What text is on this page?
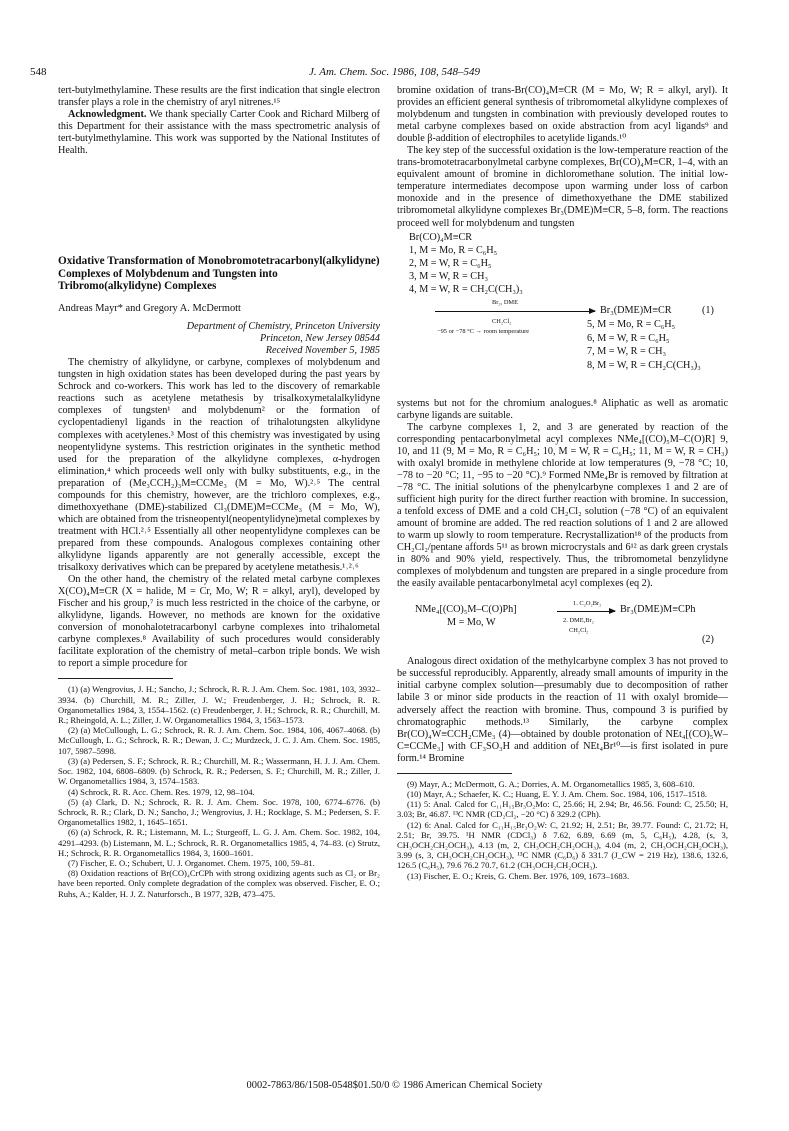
548	J. Am. Chem. Soc. 1986, 108, 548–549

tert-butylmethylamine. These results are the first indication that single electron transfer plays a role in the chemistry of aryl nitrenes.¹⁵

Acknowledgment. We thank specially Carter Cook and Richard Milberg of this Department for their assistance with the mass spectrometric analysis of tert-butylmethylamine. This work was supported by the National Institutes of Health.

Oxidative Transformation of Monobromotetracarbonyl(alkylidyne) Complexes of Molybdenum and Tungsten into Tribromo(alkylidyne) Complexes
Andreas Mayr* and Gregory A. McDermott
Department of Chemistry, Princeton University
Princeton, New Jersey 08544
Received November 5, 1985

The chemistry of alkylidyne, or carbyne, complexes of molybdenum and tungsten in high oxidation states has been developed during the past years by Schrock and co-workers. This work has led to the discovery of remarkable reactions such as acetylene metathesis by trisalkoxymetalalkylidyne complexes of tungsten¹ and molybdenum² or the formation of cyclopentadienyl ligands in the reaction of trihalotungsten alkylidyne complexes with acetylenes.³ Most of this chemistry was investigated by using neopentylidyne systems. This restriction originates in the synthetic method used for the preparation of the alkylidyne complexes, α-hydrogen elimination,⁴ which proceeds well only with bulky substituents, e.g., in the preparation of (Me₃CCH₂)₃M≡CCMe₃ (M = Mo, W).²˒⁵ The central compounds for this chemistry, however, are the trichloro complexes, e.g., dimethoxyethane (DME)-stabilized Cl₃(DME)M≡CCMe₃ (M = Mo, W), which are obtained from the trisneopentyl(neopentylidyne)metal complexes by treatment with HCl.²˒⁵ Essentially all other neopentylidyne complexes can be prepared from these compounds. Analogous complexes containing other alkylidyne ligands apparently are not generally accessible, except the trisalkoxy derivatives which can be prepared by acetylene metathesis.¹˒²˒⁶

On the other hand, the chemistry of the related metal carbyne complexes X(CO)₄M≡CR (X = halide, M = Cr, Mo, W; R = alkyl, aryl), developed by Fischer and his group,⁷ is much less restricted in the choice of the carbyne, or alkylidyne, ligands. However, no methods are known for the oxidative conversion of monohalotetracarbonyl carbyne complexes into trihalometal carbyne complexes.⁸ Availability of such procedures would considerably facilitate exploration of the chemistry of metal–carbon triple bonds. We wish to report a simple procedure for

(1) (a) Wengrovius, J. H.; Sancho, J.; Schrock, R. R. J. Am. Chem. Soc. 1981, 103, 3932–3934. (b) Churchill, M. R.; Ziller, J. W.; Freudenberger, J. H.; Schrock, R. R. Organometallics 1984, 3, 1554–1562. (c) Freudenberger, J. H.; Schrock, R. R.; Churchill, M. R.; Rheingold, A. L.; Ziller, J. W. Organometallics 1984, 3, 1563–1573.

(2) (a) McCullough, L. G.; Schrock, R. R. J. Am. Chem. Soc. 1984, 106, 4067–4068. (b) McCullough, L. G.; Schrock, R. R.; Dewan, J. C.; Murdzeck, J. C. J. Am. Chem. Soc. 1985, 107, 5987–5998.

(3) (a) Pedersen, S. F.; Schrock, R. R.; Churchill, M. R.; Wassermann, H. J. J. Am. Chem. Soc. 1982, 104, 6808–6809. (b) Schrock, R. R.; Pedersen, S. F.; Churchill, M. R.; Ziller, J. W. Organometallics 1984, 3, 1574–1583.

(4) Schrock, R. R. Acc. Chem. Res. 1979, 12, 98–104.

(5) (a) Clark, D. N.; Schrock, R. R. J. Am. Chem. Soc. 1978, 100, 6774–6776. (b) Schrock, R. R.; Clark, D. N.; Sancho, J.; Wengrovius, J. H.; Rocklage, S. M.; Pedersen, S. F. Organometallics 1982, 1, 1645–1651.

(6) (a) Schrock, R. R.; Listemann, M. L.; Sturgeoff, L. G. J. Am. Chem. Soc. 1982, 104, 4291–4293. (b) Listemann, M. L.; Schrock, R. R. Organometallics 1985, 4, 74–83. (c) Strutz, H.; Schrock, R. R. Organometallics 1984, 3, 1600–1601.

(7) Fischer, E. O.; Schubert, U. J. Organomet. Chem. 1975, 100, 59–81.

(8) Oxidation reactions of Br(CO)₄CrCPh with strong oxidizing agents such as Cl₂ or Br₂ have been reported. Only complete degradation of the complex was observed. Fischer, E. O.; Ruhs, A.; Kalder, H. J. Z. Naturforsch., B 1977, 32B, 473–475.

bromine oxidation of trans-Br(CO)₄M≡CR (M = Mo, W; R = alkyl, aryl). It provides an efficient general synthesis of tribromometal alkylidyne complexes of molybdenum and tungsten in combination with previously developed routes to metal carbyne complexes based on oxide abstraction from acyl ligands⁹ and double β-addition of electrophiles to acetylide ligands.¹⁰

The key step of the successful oxidation is the low-temperature reaction of the trans-bromotetracarbonylmetal carbyne complexes, Br(CO)₄M≡CR, 1–4, with an equivalent amount of bromine in dichloromethane solution. The initial low-temperature intermediates decompose upon warming under loss of carbon monoxide and in the presence of dimethoxyethane the DME stabilized tribromometal alkylidyne complexes Br₃(DME)M≡CR, 5–8, form. The reactions proceed well for molybdenum and tungsten

Br(CO)₄M≡CR
1, M = Mo, R = C₆H₅
2, M = W, R = C₆H₅
3, M = W, R = CH₃
4, M = W, R = CH₂C(CH₃)₃
Br₂, DME
CH₂Cl₂
−95 or −78 °C → room temperature
Br₃(DME)M≡CR	(1)
5, M = Mo, R = C₆H₅
6, M = W, R = C₆H₅
7, M = W, R = CH₃
8, M = W, R = CH₂C(CH₃)₃

systems but not for the chromium analogues.⁸ Aliphatic as well as aromatic carbyne ligands are suitable.

The carbyne complexes 1, 2, and 3 are generated by reaction of the corresponding pentacarbonylmetal acyl complexes NMe₄[(CO)₅M–C(O)R] 9, 10, and 11 (9, M = Mo, R = C₆H₅; 10, M = W, R = C₆H₅; 11, M = W, R = CH₃) with oxalyl bromide in methylene chloride at low temperatures (9, −78 °C; 10, −78 to −20 °C; 11, −95 to −20 °C).⁹ Formed NMe₄Br is removed by filtration at −78 °C. The initial solutions of the phenylcarbyne complexes 1 and 2 are of sufficient high purity for the direct further reaction with bromine. In succession, a tenfold excess of DME and a cold CH₂Cl₂ solution (−78 °C) of an equivalent amount of bromine are added. The red reaction solutions of 1 and 2 are allowed to warm up slowly to room temperature. Recrystallization¹⁸ of the products from CH₂Cl₂/pentane affords 5¹¹ as brown microcrystals and 6¹² as dark green crystals in 80% and 90% yield, respectively. Thus, the tribromometal benzylidyne complexes of molybdenum and tungsten are prepared in a single procedure from the easily available pentacarbonylmetal acyl complexes (eq 2).

NMe₄[(CO)₅M–C(O)Ph]
M = Mo, W
1. C₂O₂Br₂
2. DME,Br₂
CH₂Cl₂
Br₃(DME)M≡CPh
(2)

Analogous direct oxidation of the methylcarbyne complex 3 has not proved to be successful reproducibly. Apparently, already small amounts of impurity in the initial carbyne complex solution—presumably due to decomposition of rather labile 3 or minor side products in the reaction of 11 with oxalyl bromide—adversely affect the reaction with bromine. Thus, compound 3 is purified by chromatographic methods.¹³ Similarly, the carbyne complex Br(CO)₄W≡CCH₂CMe₃ (4)—obtained by double protonation of NEt₄[(CO)₅W–C≡CCMe₃] with CF₃SO₃H and addition of NEt₄Br¹⁰—is first isolated in pure form.¹⁴ Bromine

(9) Mayr, A.; McDermott, G. A.; Dorries, A. M. Organometallics 1985, 3, 608–610.

(10) Mayr, A.; Schaefer, K. C.; Huang, E. Y. J. Am. Chem. Soc. 1984, 106, 1517–1518.

(11) 5: Anal. Calcd for C₁₁H₁₅Br₃O₂Mo: C, 25.66; H, 2.94; Br, 46.56. Found: C, 25.50; H, 3.03; Br, 46.87. ¹³C NMR (CD₂Cl₂, −20 °C) δ 329.2 (CPh).

(12) 6: Anal. Calcd for C₁₁H₁₅Br₃O₂W: C, 21.92; H, 2.51; Br, 39.77. Found: C, 21.72; H, 2.51; Br, 39.75. ¹H NMR (CDCl₃) δ 7.62, 6.89, 6.69 (m, 5, C₆H₅), 4.28, (s, 3, CH₃OCH₂CH₂OCH₃), 4.13 (m, 2, CH₃OCH₂CH₂OCH₃), 4.04 (m, 2, CH₃OCH₂CH₂OCH₃), 3.99 (s, 3, CH₃OCH₂CH₂OCH₃), ¹³C NMR (C₆D₆) δ 331.7 (J_CW = 219 Hz), 138.6, 132.6, 126.5 (C₆H₅), 79.6 76.2 70.7, 61.2 (CH₃OCH₂CH₂OCH₃).

(13) Fischer, E. O.; Kreis, G. Chem. Ber. 1976, 109, 1673–1683.

0002-7863/86/1508-0548$01.50/0 © 1986 American Chemical Society
